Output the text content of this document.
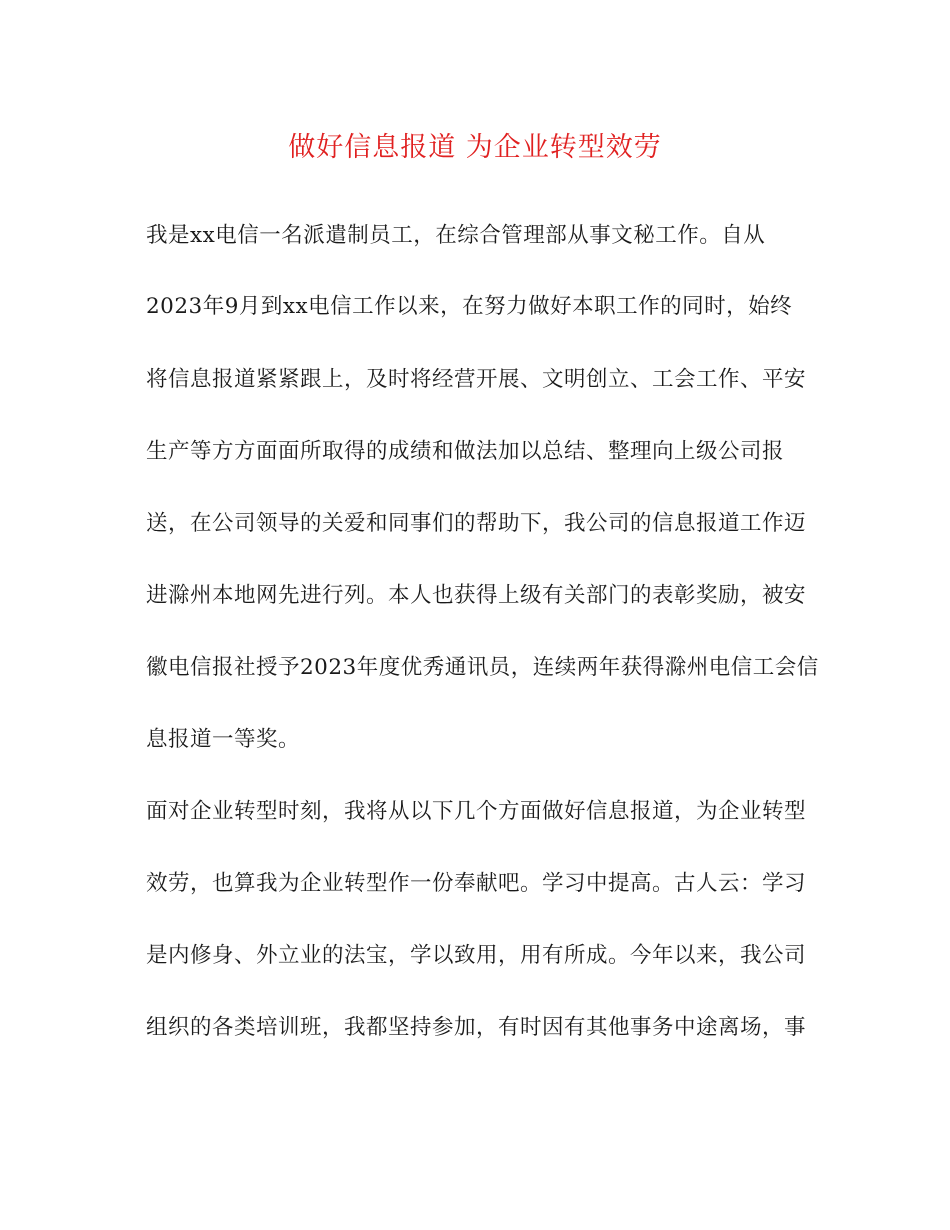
做好信息报道 为企业转型效劳
我是xx电信一名派遣制员工，在综合管理部从事文秘工作。自从
2023年9月到xx电信工作以来，在努力做好本职工作的同时，始终
将信息报道紧紧跟上，及时将经营开展、文明创立、工会工作、平安
生产等方方面面所取得的成绩和做法加以总结、整理向上级公司报
送，在公司领导的关爱和同事们的帮助下，我公司的信息报道工作迈
进滁州本地网先进行列。本人也获得上级有关部门的表彰奖励，被安
徽电信报社授予2023年度优秀通讯员，连续两年获得滁州电信工会信
息报道一等奖。
面对企业转型时刻，我将从以下几个方面做好信息报道，为企业转型
效劳，也算我为企业转型作一份奉献吧。学习中提高。古人云：学习
是内修身、外立业的法宝，学以致用，用有所成。今年以来，我公司
组织的各类培训班，我都坚持参加，有时因有其他事务中途离场，事
